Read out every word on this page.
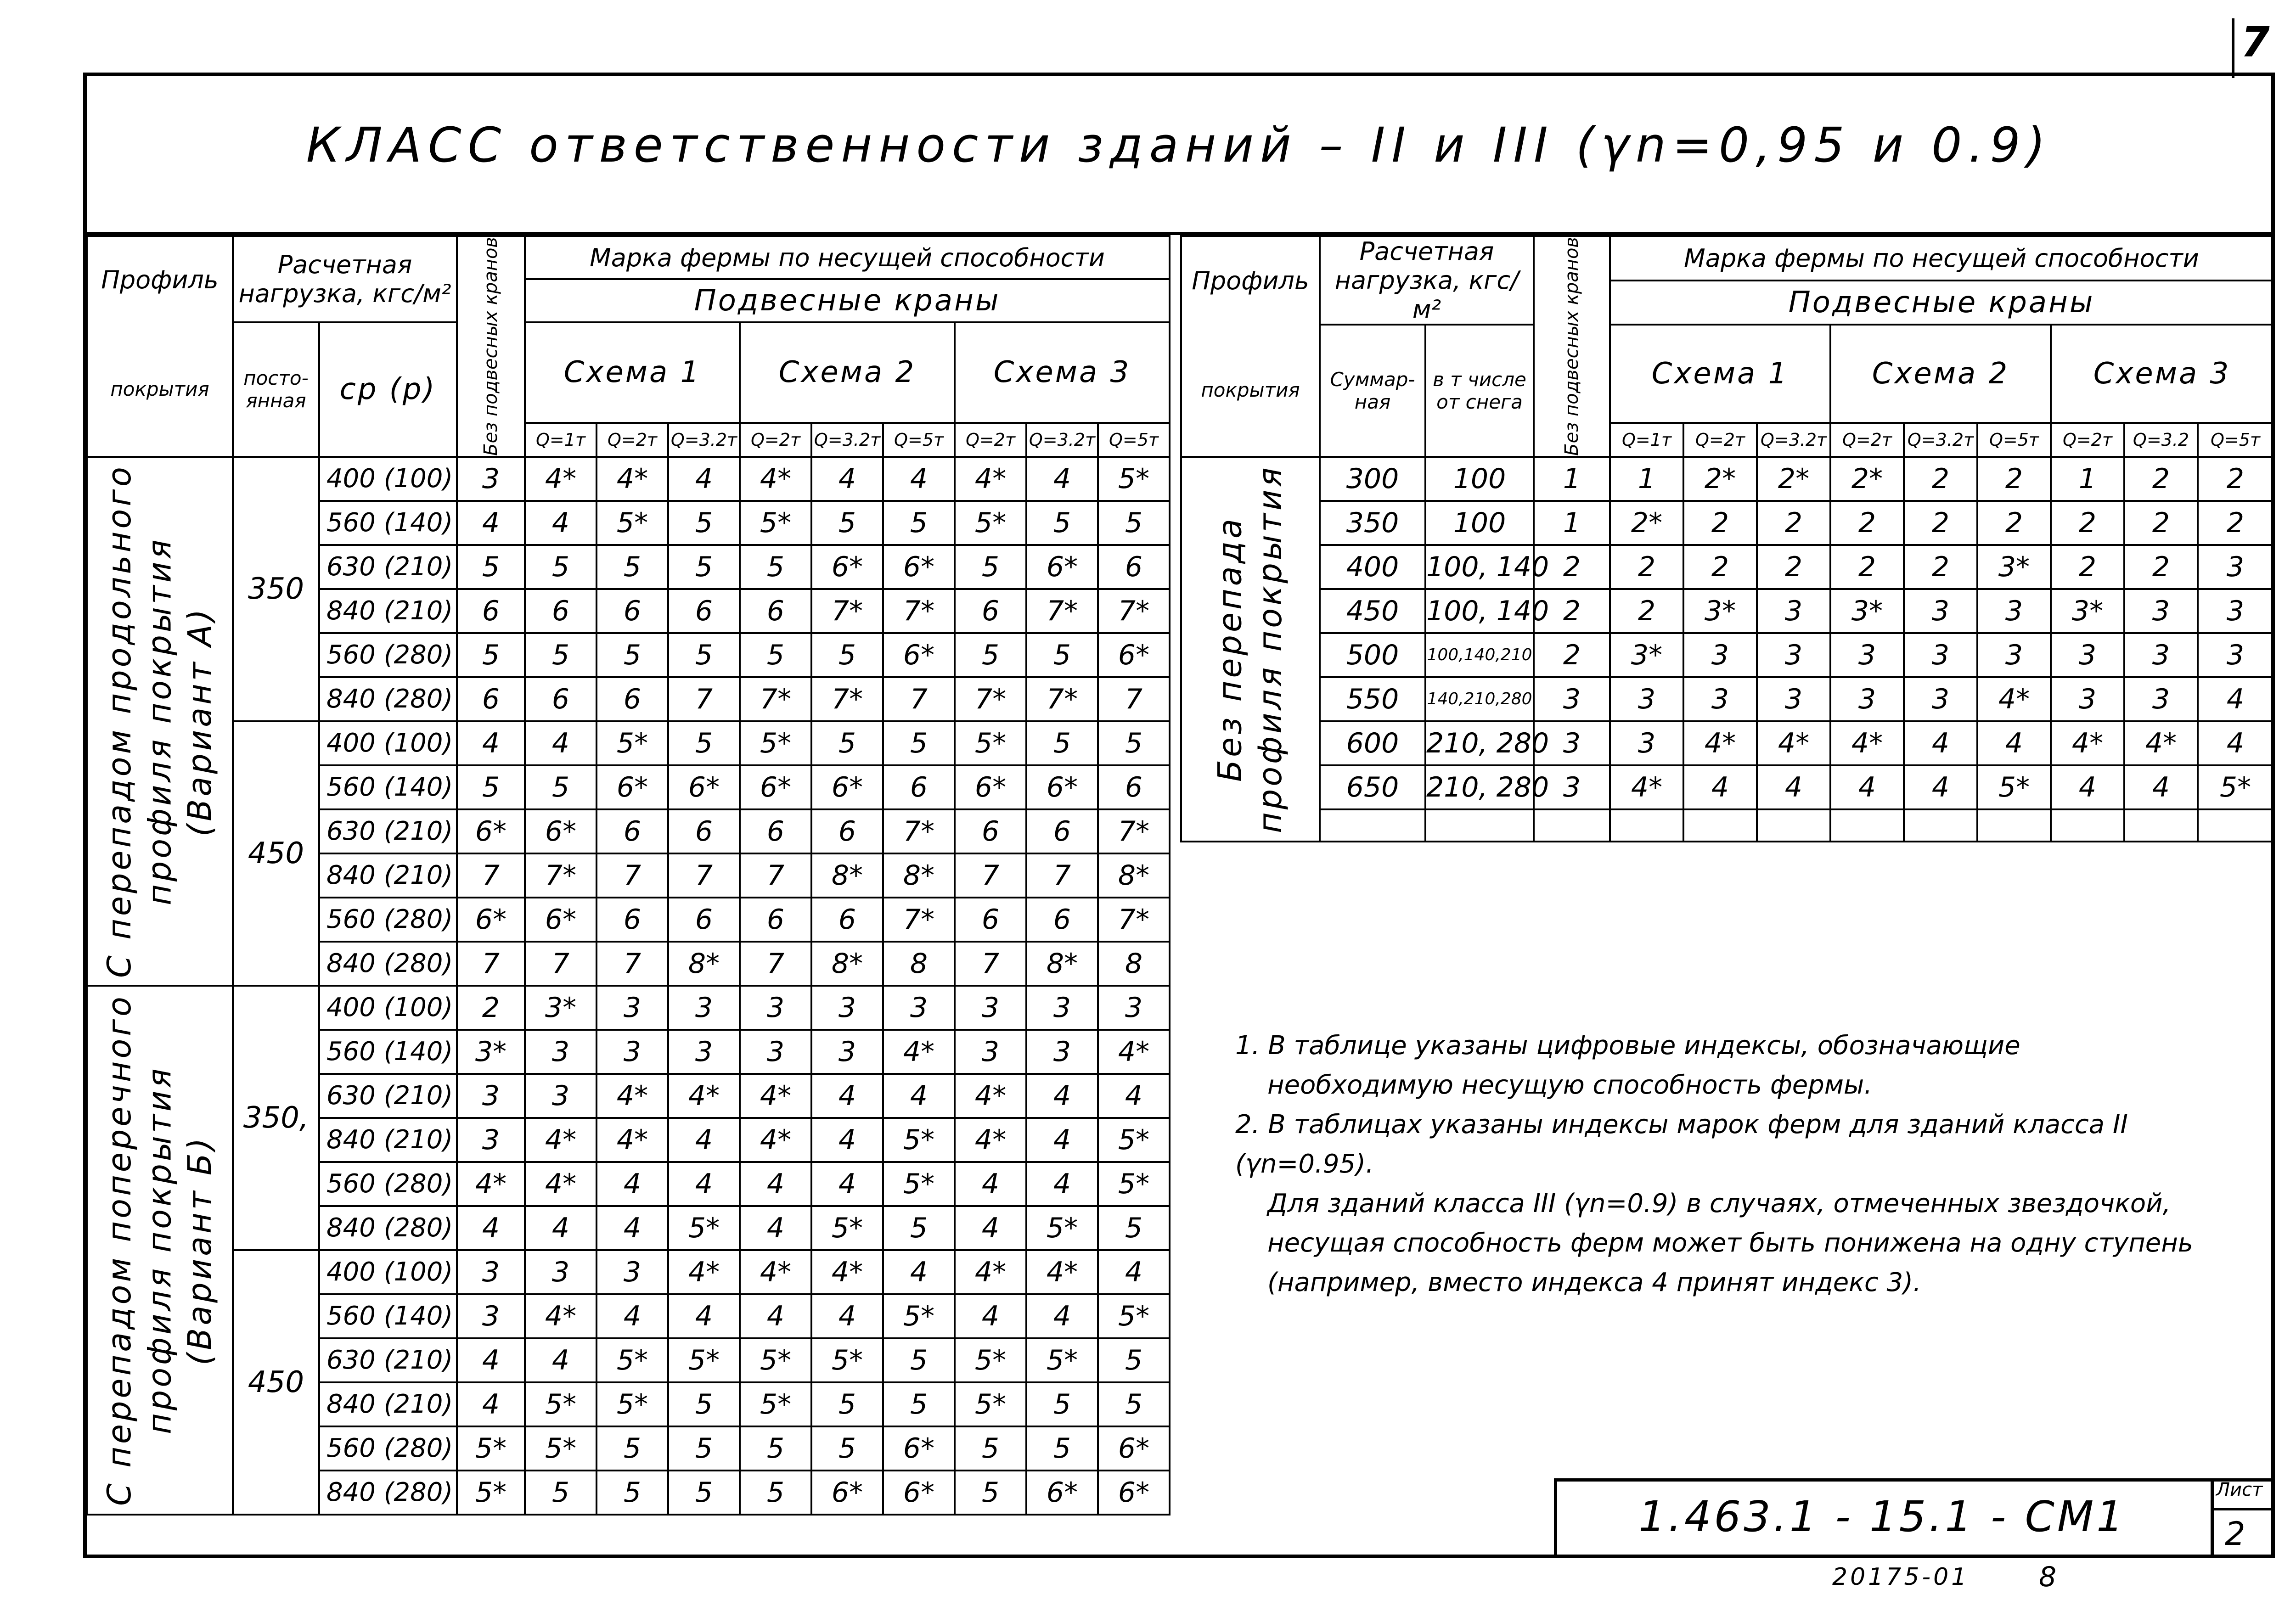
7
КЛАСС ответственности зданий – II и III (γn=0,95 и 0.9)
Профиль	Расчетная нагрузка, кгс/м²		Без подвесных кранов	Марка фермы по несущей способности								
				Подвесные краны								
покрытия	посто-янная	ср (р)		Схема 1			Схема 2			Схема 3		
				Q=1т	Q=2т	Q=3.2т	Q=2т	Q=3.2т	Q=5т	Q=2т	Q=3.2т	Q=5т
С перепадом продольного
профиля покрытия
(Вариант А)	350	400 (100)	3	4*	4*	4	4*	4	4	4*	4	5*
		560 (140)	4	4	5*	5	5*	5	5	5*	5	5
		630 (210)	5	5	5	5	5	6*	6*	5	6*	6
		840 (210)	6	6	6	6	6	7*	7*	6	7*	7*
		560 (280)	5	5	5	5	5	5	6*	5	5	6*
		840 (280)	6	6	6	7	7*	7*	7	7*	7*	7
	450	400 (100)	4	4	5*	5	5*	5	5	5*	5	5
		560 (140)	5	5	6*	6*	6*	6*	6	6*	6*	6
		630 (210)	6*	6*	6	6	6	6	7*	6	6	7*
		840 (210)	7	7*	7	7	7	8*	8*	7	7	8*
		560 (280)	6*	6*	6	6	6	6	7*	6	6	7*
		840 (280)	7	7	7	8*	7	8*	8	7	8*	8
С перепадом поперечного
профиля покрытия
(Вариант Б)	350,	400 (100)	2	3*	3	3	3	3	3	3	3	3
		560 (140)	3*	3	3	3	3	3	4*	3	3	4*
		630 (210)	3	3	4*	4*	4*	4	4	4*	4	4
		840 (210)	3	4*	4*	4	4*	4	5*	4*	4	5*
		560 (280)	4*	4*	4	4	4	4	5*	4	4	5*
		840 (280)	4	4	4	5*	4	5*	5	4	5*	5
	450	400 (100)	3	3	3	4*	4*	4*	4	4*	4*	4
		560 (140)	3	4*	4	4	4	4	5*	4	4	5*
		630 (210)	4	4	5*	5*	5*	5*	5	5*	5*	5
		840 (210)	4	5*	5*	5	5*	5	5	5*	5	5
		560 (280)	5*	5*	5	5	5	5	6*	5	5	6*
		840 (280)	5*	5	5	5	5	6*	6*	5	6*	6*
Профиль	Расчетная нагрузка, кгс/м²		Без подвесных кранов	Марка фермы по несущей способности								
				Подвесные краны								
покрытия	Суммар-ная	в т числе от снега		Схема 1			Схема 2			Схема 3		
				Q=1т	Q=2т	Q=3.2т	Q=2т	Q=3.2т	Q=5т	Q=2т	Q=3.2	Q=5т
Без перепада
профиля покрытия	300	100	1	1	2*	2*	2*	2	2	1	2	2
	350	100	1	2*	2	2	2	2	2	2	2	2
	400	100, 140	2	2	2	2	2	2	3*	2	2	3
	450	100, 140	2	2	3*	3	3*	3	3	3*	3	3
	500	100,140,210	2	3*	3	3	3	3	3	3	3	3
	550	140,210,280	3	3	3	3	3	3	4*	3	3	4
	600	210, 280	3	3	4*	4*	4*	4	4	4*	4*	4
	650	210, 280	3	4*	4	4	4	4	5*	4	4	5*

1. В таблице указаны цифровые индексы, обозначающие

необходимую несущую способность фермы.

2. В таблицах указаны индексы марок ферм для зданий класса II (γn=0.95).

Для зданий класса III (γn=0.9) в случаях, отмеченных звездочкой,

несущая способность ферм может быть понижена на одну ступень

(например, вместо индекса 4 принят индекс 3).

1.463.1 - 15.1 - СМ1
Лист
2
20175-01	8
